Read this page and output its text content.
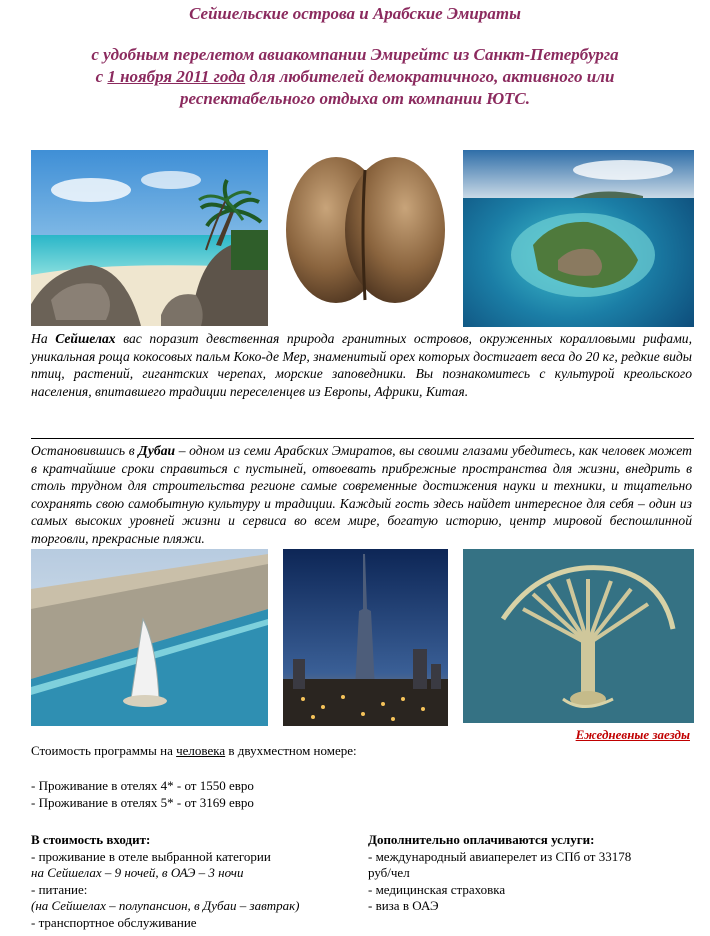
Сейшельские острова и Арабские Эмираты
с удобным перелетом авиакомпании Эмирейтс из Санкт-Петербурга
с 1 ноября 2011 года для любителей демократичного, активного или
респектабельного отдыха от компании ЮТС.

На Сейшелах вас поразит девственная природа гранитных островов, окруженных коралловыми рифами, уникальная роща кокосовых пальм Коко-де Мер, знаменитый орех которых достигает веса до 20 кг, редкие виды птиц, растений, гигантских черепах, морские заповедники. Вы познакомитесь с культурой креольского населения, впитавшего традиции переселенцев из Европы, Африки, Китая.

Остановившись в Дубаи – одном из семи Арабских Эмиратов, вы своими глазами убедитесь, как человек может в кратчайшие сроки справиться с пустыней, отвоевать прибрежные пространства для жизни, внедрить в столь трудном для строительства регионе самые современные достижения науки и техники, и тщательно сохранять свою самобытную культуру и традиции. Каждый гость здесь найдет интересное для себя – один из самых высоких уровней жизни и сервиса во всем мире, богатую историю, центр мировой беспошлинной торговли, прекрасные пляжи.

Ежедневные заезды

Стоимость программы на человека в двухместном номере:

- Проживание в отелях 4* - от 1550 евро

- Проживание в отелях 5* - от 3169 евро

В стоимость входит:
- проживание в отеле выбранной категории
на Сейшелах – 9 ночей, в ОАЭ – 3 ночи
- питание:
(на Сейшелах – полупансион, в Дубаи – завтрак)
- транспортное обслуживание
Дополнительно оплачиваются услуги:
- международный авиаперелет из СПб от 33178
руб/чел
- медицинская страховка
- виза в ОАЭ
